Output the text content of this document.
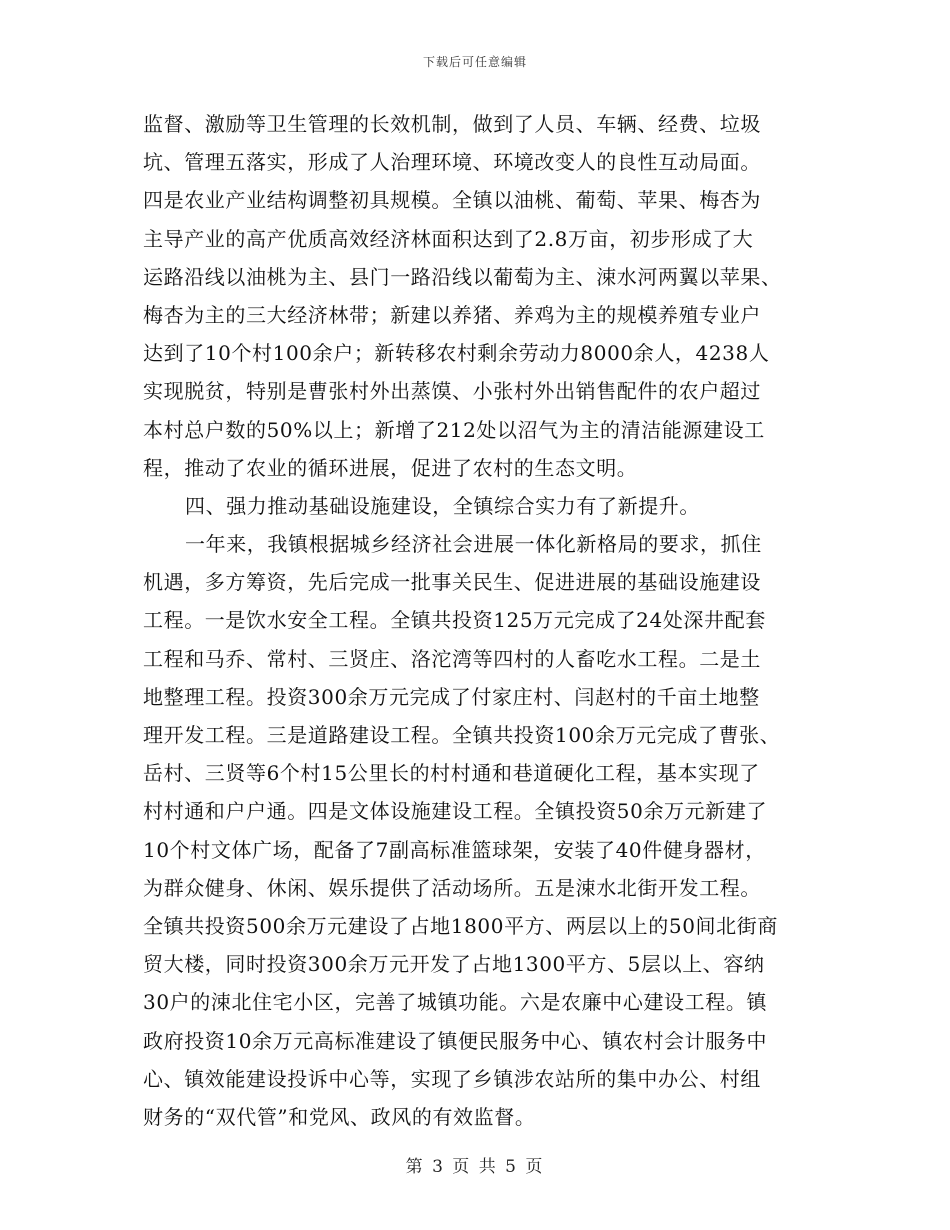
下载后可任意编辑
监督、激励等卫生管理的长效机制，做到了人员、车辆、经费、垃圾
坑、管理五落实，形成了人治理环境、环境改变人的良性互动局面。
四是农业产业结构调整初具规模。全镇以油桃、葡萄、苹果、梅杏为
主导产业的高产优质高效经济林面积达到了2.8万亩，初步形成了大
运路沿线以油桃为主、县门一路沿线以葡萄为主、涑水河两翼以苹果、
梅杏为主的三大经济林带；新建以养猪、养鸡为主的规模养殖专业户
达到了10个村100余户；新转移农村剩余劳动力8000余人，4238人
实现脱贫，特别是曹张村外出蒸馍、小张村外出销售配件的农户超过
本村总户数的50%以上；新增了212处以沼气为主的清洁能源建设工
程，推动了农业的循环进展，促进了农村的生态文明。
四、强力推动基础设施建设，全镇综合实力有了新提升。
一年来，我镇根据城乡经济社会进展一体化新格局的要求，抓住
机遇，多方筹资，先后完成一批事关民生、促进进展的基础设施建设
工程。一是饮水安全工程。全镇共投资125万元完成了24处深井配套
工程和马乔、常村、三贤庄、洛沱湾等四村的人畜吃水工程。二是土
地整理工程。投资300余万元完成了付家庄村、闫赵村的千亩土地整
理开发工程。三是道路建设工程。全镇共投资100余万元完成了曹张、
岳村、三贤等6个村15公里长的村村通和巷道硬化工程，基本实现了
村村通和户户通。四是文体设施建设工程。全镇投资50余万元新建了
10个村文体广场，配备了7副高标准篮球架，安装了40件健身器材，
为群众健身、休闲、娱乐提供了活动场所。五是涑水北街开发工程。
全镇共投资500余万元建设了占地1800平方、两层以上的50间北街商
贸大楼，同时投资300余万元开发了占地1300平方、5层以上、容纳
30户的涑北住宅小区，完善了城镇功能。六是农廉中心建设工程。镇
政府投资10余万元高标准建设了镇便民服务中心、镇农村会计服务中
心、镇效能建设投诉中心等，实现了乡镇涉农站所的集中办公、村组
财务的“双代管”和党风、政风的有效监督。
第 3 页 共 5 页
